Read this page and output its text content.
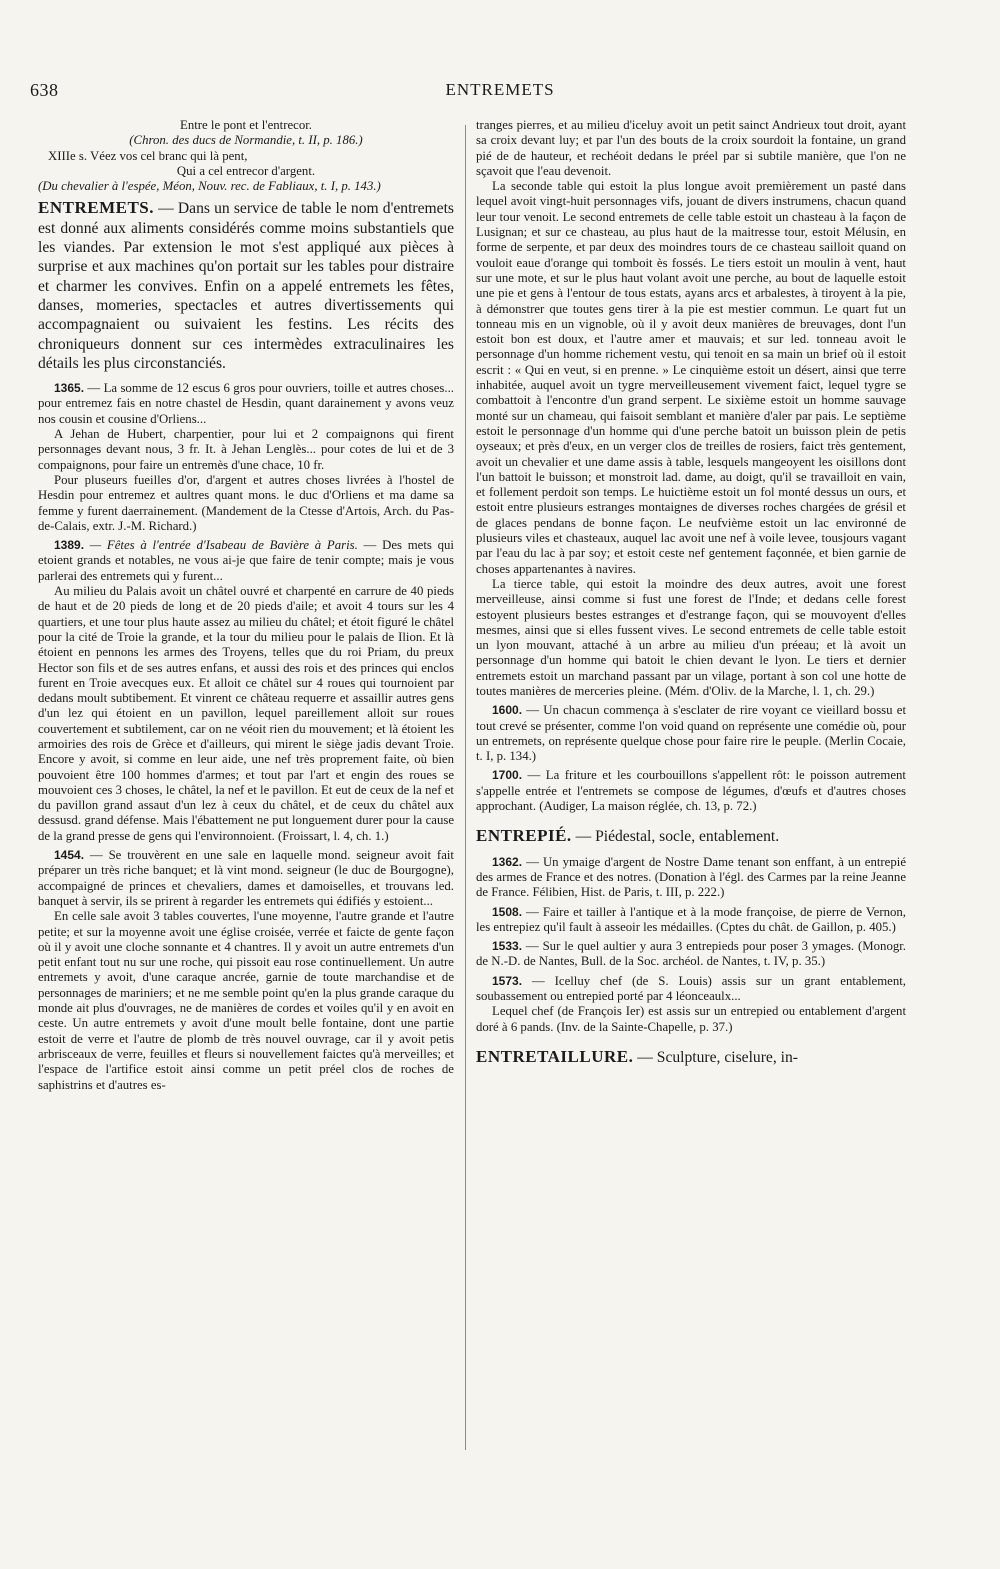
638	ENTREMETS

Entre le pont et l'entrecor.

(Chron. des ducs de Normandie, t. II, p. 186.)

XIIIe s. Véez vos cel branc qui là pent,

Qui a cel entrecor d'argent.

(Du chevalier à l'espée, Méon, Nouv. rec. de Fabliaux, t. I, p. 143.)

ENTREMETS. — Dans un service de table le nom d'entremets est donné aux aliments considérés comme moins substantiels que les viandes. Par extension le mot s'est appliqué aux pièces à surprise et aux machines qu'on portait sur les tables pour distraire et charmer les convives. Enfin on a appelé entremets les fêtes, danses, momeries, spectacles et autres divertissements qui accompagnaient ou suivaient les festins. Les récits des chroniqueurs donnent sur ces intermèdes extraculinaires les détails les plus circonstanciés.

1365. — La somme de 12 escus 6 gros pour ouvriers, toille et autres choses... pour entremez fais en notre chastel de Hesdin, quant darainement y avons veuz nos cousin et cousine d'Orliens...

A Jehan de Hubert, charpentier, pour lui et 2 compaignons qui firent personnages devant nous, 3 fr. It. à Jehan Lenglès... pour cotes de lui et de 3 compaignons, pour faire un entremès d'une chace, 10 fr.

Pour pluseurs fueilles d'or, d'argent et autres choses livrées à l'hostel de Hesdin pour entremez et aultres quant mons. le duc d'Orliens et ma dame sa femme y furent daerrainement. (Mandement de la Ctesse d'Artois, Arch. du Pas-de-Calais, extr. J.-M. Richard.)

1389. — Fêtes à l'entrée d'Isabeau de Bavière à Paris. — Des mets qui etoient grands et notables, ne vous ai-je que faire de tenir compte; mais je vous parlerai des entremets qui y furent...

Au milieu du Palais avoit un châtel ouvré et charpenté en carrure de 40 pieds de haut et de 20 pieds de long et de 20 pieds d'aile; et avoit 4 tours sur les 4 quartiers, et une tour plus haute assez au milieu du châtel; et étoit figuré le châtel pour la cité de Troie la grande, et la tour du milieu pour le palais de Ilion. Et là étoient en pennons les armes des Troyens, telles que du roi Priam, du preux Hector son fils et de ses autres enfans, et aussi des rois et des princes qui enclos furent en Troie avecques eux. Et alloit ce châtel sur 4 roues qui tournoient par dedans moult subtibement. Et vinrent ce château requerre et assaillir autres gens d'un lez qui étoient en un pavillon, lequel pareillement alloit sur roues couvertement et subtilement, car on ne véoit rien du mouvement; et là étoient les armoiries des rois de Grèce et d'ailleurs, qui mirent le siège jadis devant Troie. Encore y avoit, si comme en leur aide, une nef très proprement faite, où bien pouvoient être 100 hommes d'armes; et tout par l'art et engin des roues se mouvoient ces 3 choses, le châtel, la nef et le pavillon. Et eut de ceux de la nef et du pavillon grand assaut d'un lez à ceux du châtel, et de ceux du châtel aux dessusd. grand défense. Mais l'ébattement ne put longuement durer pour la cause de la grand presse de gens qui l'environnoient. (Froissart, l. 4, ch. 1.)

1454. — Se trouvèrent en une sale en laquelle mond. seigneur avoit fait préparer un très riche banquet; et là vint mond. seigneur (le duc de Bourgogne), accompaigné de princes et chevaliers, dames et damoiselles, et trouvans led. banquet à servir, ils se prirent à regarder les entremets qui édifiés y estoient...

En celle sale avoit 3 tables couvertes, l'une moyenne, l'autre grande et l'autre petite; et sur la moyenne avoit une église croisée, verrée et faicte de gente façon où il y avoit une cloche sonnante et 4 chantres. Il y avoit un autre entremets d'un petit enfant tout nu sur une roche, qui pissoit eau rose continuellement. Un autre entremets y avoit, d'une caraque ancrée, garnie de toute marchandise et de personnages de mariniers; et ne me semble point qu'en la plus grande caraque du monde ait plus d'ouvrages, ne de manières de cordes et voiles qu'il y en avoit en ceste. Un autre entremets y avoit d'une moult belle fontaine, dont une partie estoit de verre et l'autre de plomb de très nouvel ouvrage, car il y avoit petis arbrisceaux de verre, feuilles et fleurs si nouvellement faictes qu'à merveilles; et l'espace de l'artifice estoit ainsi comme un petit préel clos de roches de saphistrins et d'autres es-

tranges pierres, et au milieu d'iceluy avoit un petit sainct Andrieux tout droit, ayant sa croix devant luy; et par l'un des bouts de la croix sourdoit la fontaine, un grand pié de de hauteur, et rechéoit dedans le préel par si subtile manière, que l'on ne sçavoit que l'eau devenoit.

La seconde table qui estoit la plus longue avoit premièrement un pasté dans lequel avoit vingt-huit personnages vifs, jouant de divers instrumens, chacun quand leur tour venoit. Le second entremets de celle table estoit un chasteau à la façon de Lusignan; et sur ce chasteau, au plus haut de la maitresse tour, estoit Mélusin, en forme de serpente, et par deux des moindres tours de ce chasteau sailloit quand on vouloit eaue d'orange qui tomboit ès fossés. Le tiers estoit un moulin à vent, haut sur une mote, et sur le plus haut volant avoit une perche, au bout de laquelle estoit une pie et gens à l'entour de tous estats, ayans arcs et arbalestes, à tiroyent à la pie, à démonstrer que toutes gens tirer à la pie est mestier commun. Le quart fut un tonneau mis en un vignoble, où il y avoit deux manières de breuvages, dont l'un estoit bon est doux, et l'autre amer et mauvais; et sur led. tonneau avoit le personnage d'un homme richement vestu, qui tenoit en sa main un brief où il estoit escrit : « Qui en veut, si en prenne. » Le cinquième estoit un désert, ainsi que terre inhabitée, auquel avoit un tygre merveilleusement vivement faict, lequel tygre se combattoit à l'encontre d'un grand serpent. Le sixième estoit un homme sauvage monté sur un chameau, qui faisoit semblant et manière d'aler par pais. Le septième estoit le personnage d'un homme qui d'une perche batoit un buisson plein de petis oyseaux; et près d'eux, en un verger clos de treilles de rosiers, faict très gentement, avoit un chevalier et une dame assis à table, lesquels mangeoyent les oisillons dont l'un battoit le buisson; et monstroit lad. dame, au doigt, qu'il se travailloit en vain, et follement perdoit son temps. Le huictième estoit un fol monté dessus un ours, et estoit entre plusieurs estranges montaignes de diverses roches chargées de grésil et de glaces pendans de bonne façon. Le neufvième estoit un lac environné de plusieurs viles et chasteaux, auquel lac avoit une nef à voile levee, tousjours vagant par l'eau du lac à par soy; et estoit ceste nef gentement façonnée, et bien garnie de choses appartenantes à navires.

La tierce table, qui estoit la moindre des deux autres, avoit une forest merveilleuse, ainsi comme si fust une forest de l'Inde; et dedans celle forest estoyent plusieurs bestes estranges et d'estrange façon, qui se mouvoyent d'elles mesmes, ainsi que si elles fussent vives. Le second entremets de celle table estoit un lyon mouvant, attaché à un arbre au milieu d'un préeau; et là avoit un personnage d'un homme qui batoit le chien devant le lyon. Le tiers et dernier entremets estoit un marchand passant par un vilage, portant à son col une hotte de toutes manières de merceries pleine. (Mém. d'Oliv. de la Marche, l. 1, ch. 29.)

1600. — Un chacun commença à s'esclater de rire voyant ce vieillard bossu et tout crevé se présenter, comme l'on void quand on représente une comédie où, pour un entremets, on représente quelque chose pour faire rire le peuple. (Merlin Cocaie, t. I, p. 134.)

1700. — La friture et les courbouillons s'appellent rôt: le poisson autrement s'appelle entrée et l'entremets se compose de légumes, d'œufs et d'autres choses approchant. (Audiger, La maison réglée, ch. 13, p. 72.)

ENTREPIÉ. — Piédestal, socle, entablement.

1362. — Un ymaige d'argent de Nostre Dame tenant son enffant, à un entrepié des armes de France et des notres. (Donation à l'égl. des Carmes par la reine Jeanne de France. Félibien, Hist. de Paris, t. III, p. 222.)

1508. — Faire et tailler à l'antique et à la mode françoise, de pierre de Vernon, les entrepiez qu'il fault à asseoir les médailles. (Cptes du chât. de Gaillon, p. 405.)

1533. — Sur le quel aultier y aura 3 entrepieds pour poser 3 ymages. (Monogr. de N.-D. de Nantes, Bull. de la Soc. archéol. de Nantes, t. IV, p. 35.)

1573. — Icelluy chef (de S. Louis) assis sur un grant entablement, soubassement ou entrepied porté par 4 léonceaulx...

Lequel chef (de François Ier) est assis sur un entrepied ou entablement d'argent doré à 6 pands. (Inv. de la Sainte-Chapelle, p. 37.)

ENTRETAILLURE. — Sculpture, ciselure, in-
